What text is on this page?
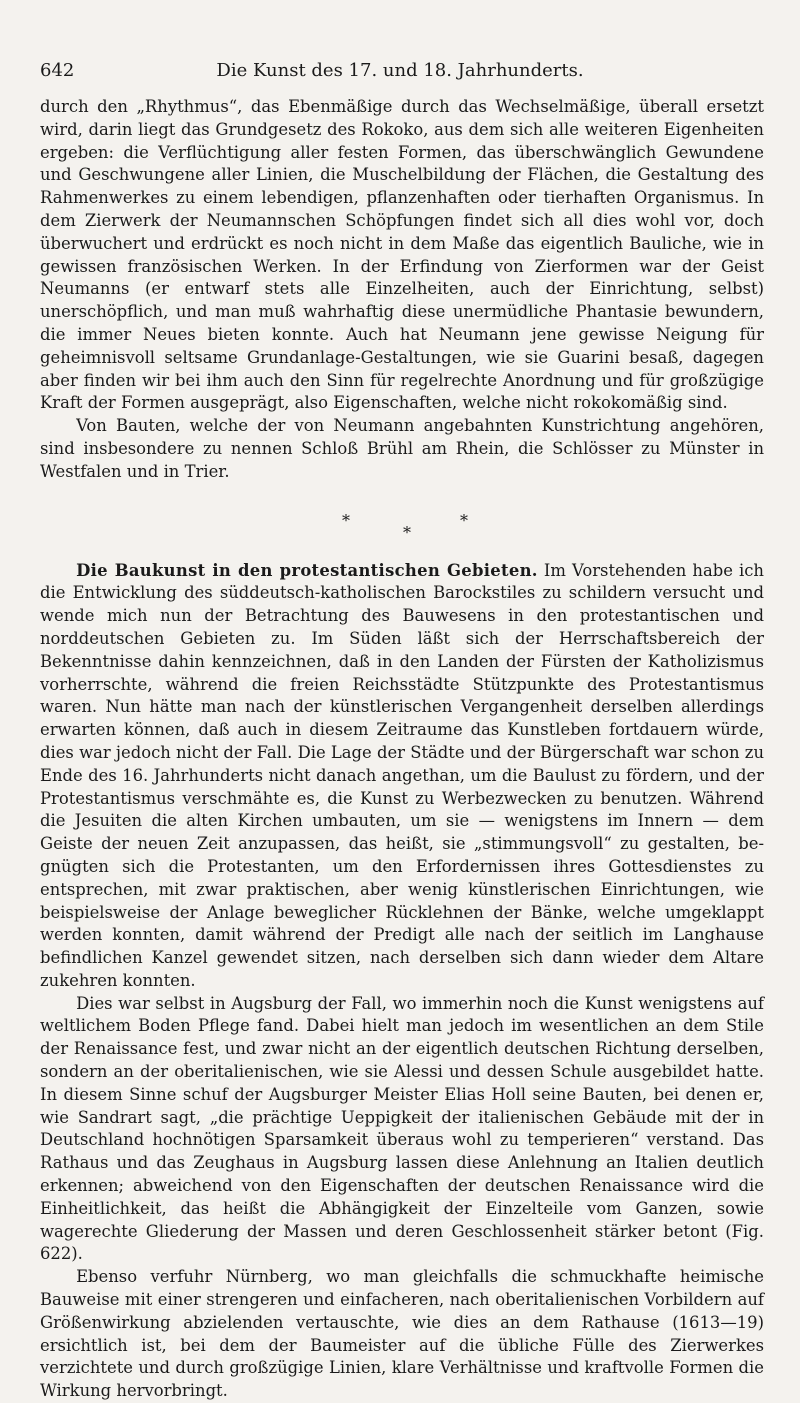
642	Die Kunst des 17. und 18. Jahrhunderts.

durch den „Rhythmus“, das Ebenmäßige durch das Wechselmäßige, überall ersetzt wird, darin liegt das Grundgesetz des Rokoko, aus dem sich alle weiteren Eigenheiten ergeben: die Verflüchtigung aller festen Formen, das überschwänglich Gewundene und Geschwungene aller Linien, die Muschelbildung der Flächen, die Gestaltung des Rahmenwerkes zu einem lebendigen, pflanzenhaften oder tierhaften Organismus. In dem Zierwerk der Neumannschen Schöpfungen findet sich all dies wohl vor, doch überwuchert und erdrückt es noch nicht in dem Maße das eigentlich Bauliche, wie in gewissen französischen Werken. In der Erfindung von Zierformen war der Geist Neumanns (er entwarf stets alle Einzelheiten, auch der Einrichtung, selbst) unerschöpflich, und man muß wahrhaftig diese unermüdliche Phantasie bewundern, die immer Neues bieten konnte. Auch hat Neumann jene gewisse Neigung für geheimnisvoll seltsame Grundanlage-Gestaltungen, wie sie Guarini besaß, dagegen aber finden wir bei ihm auch den Sinn für regelrechte Anordnung und für großzügige Kraft der Formen ausgeprägt, also Eigenschaften, welche nicht rokokomäßig sind.

Von Bauten, welche der von Neumann angebahnten Kunstrichtung angehören, sind insbesondere zu nennen Schloß Brühl am Rhein, die Schlösser zu Münster in Westfalen und in Trier.

*
*
*

Die Baukunst in den protestantischen Gebieten. Im Vorstehenden habe ich die Entwicklung des süddeutsch-katholischen Barockstiles zu schildern versucht und wende mich nun der Betrachtung des Bauwesens in den protestantischen und norddeutschen Gebieten zu. Im Süden läßt sich der Herrschaftsbereich der Bekenntnisse dahin kennzeichnen, daß in den Landen der Fürsten der Katholizismus vorherrschte, während die freien Reichsstädte Stützpunkte des Protestantismus waren. Nun hätte man nach der künstlerischen Vergangenheit derselben allerdings erwarten können, daß auch in diesem Zeitraume das Kunstleben fortdauern würde, dies war jedoch nicht der Fall. Die Lage der Städte und der Bürgerschaft war schon zu Ende des 16. Jahrhunderts nicht danach angethan, um die Baulust zu fördern, und der Protestantismus verschmähte es, die Kunst zu Werbezwecken zu benutzen. Während die Jesuiten die alten Kirchen umbauten, um sie — wenigstens im Innern — dem Geiste der neuen Zeit anzupassen, das heißt, sie „stimmungsvoll“ zu gestalten, begnügten sich die Protestanten, um den Erfordernissen ihres Gottesdienstes zu entsprechen, mit zwar praktischen, aber wenig künstlerischen Einrichtungen, wie beispielsweise der Anlage beweglicher Rücklehnen der Bänke, welche umgeklappt werden konnten, damit während der Predigt alle nach der seitlich im Langhause befindlichen Kanzel gewendet sitzen, nach derselben sich dann wieder dem Altare zukehren konnten.

Dies war selbst in Augsburg der Fall, wo immerhin noch die Kunst wenigstens auf weltlichem Boden Pflege fand. Dabei hielt man jedoch im wesentlichen an dem Stile der Renaissance fest, und zwar nicht an der eigentlich deutschen Richtung derselben, sondern an der oberitalienischen, wie sie Alessi und dessen Schule ausgebildet hatte. In diesem Sinne schuf der Augsburger Meister Elias Holl seine Bauten, bei denen er, wie Sandrart sagt, „die prächtige Ueppigkeit der italienischen Gebäude mit der in Deutschland hochnötigen Sparsamkeit überaus wohl zu temperieren“ verstand. Das Rathaus und das Zeughaus in Augsburg lassen diese Anlehnung an Italien deutlich erkennen; abweichend von den Eigenschaften der deutschen Renaissance wird die Einheitlichkeit, das heißt die Abhängigkeit der Einzelteile vom Ganzen, sowie wagerechte Gliederung der Massen und deren Geschlossenheit stärker betont (Fig. 622).

Ebenso verfuhr Nürnberg, wo man gleichfalls die schmuckhafte heimische Bauweise mit einer strengeren und einfacheren, nach oberitalienischen Vorbildern auf Größenwirkung abzielenden vertauschte, wie dies an dem Rathause (1613—19) ersichtlich ist, bei dem der Baumeister auf die übliche Fülle des Zierwerkes verzichtete und durch großzügige Linien, klare Verhältnisse und kraftvolle Formen die Wirkung hervorbringt.
